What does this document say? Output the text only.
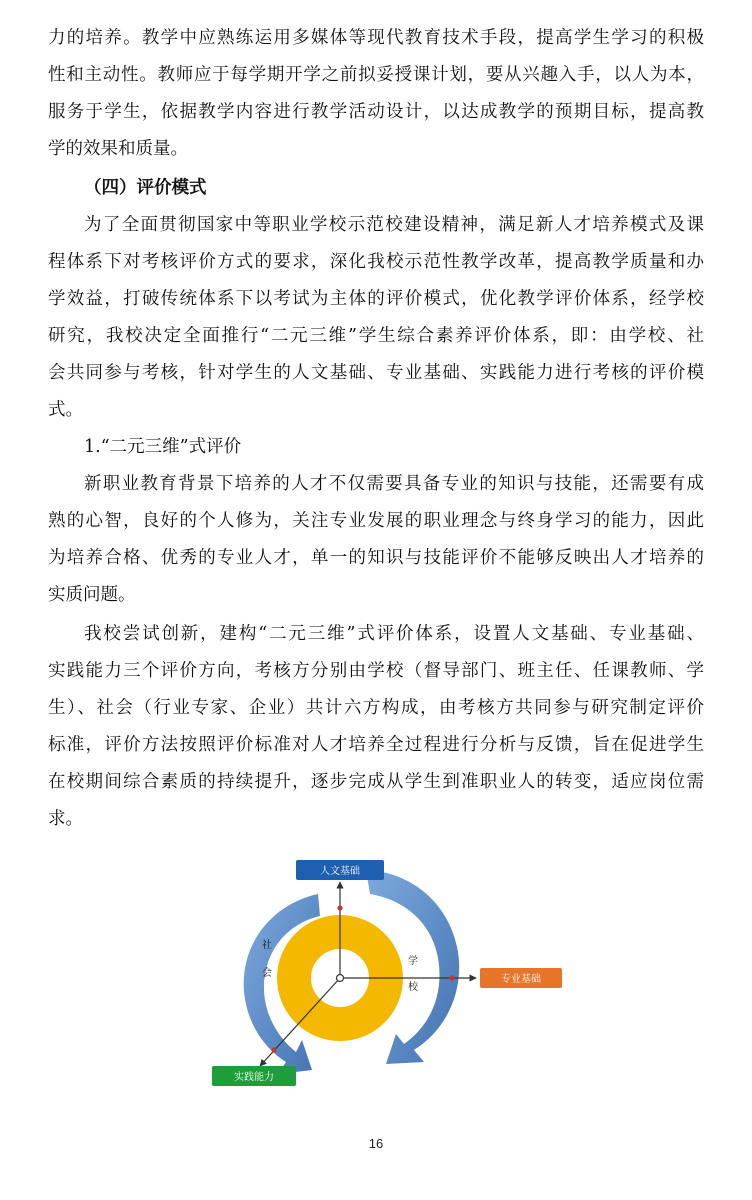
力的培养。教学中应熟练运用多媒体等现代教育技术手段，提高学生学习的积极
性和主动性。教师应于每学期开学之前拟妥授课计划，要从兴趣入手，以人为本，
服务于学生，依据教学内容进行教学活动设计，以达成教学的预期目标，提高教
学的效果和质量。
（四）评价模式
为了全面贯彻国家中等职业学校示范校建设精神，满足新人才培养模式及课
程体系下对考核评价方式的要求，深化我校示范性教学改革，提高教学质量和办
学效益，打破传统体系下以考试为主体的评价模式，优化教学评价体系，经学校
研究，我校决定全面推行“二元三维”学生综合素养评价体系，即：由学校、社
会共同参与考核，针对学生的人文基础、专业基础、实践能力进行考核的评价模
式。
1.“二元三维”式评价
新职业教育背景下培养的人才不仅需要具备专业的知识与技能，还需要有成
熟的心智，良好的个人修为，关注专业发展的职业理念与终身学习的能力，因此
为培养合格、优秀的专业人才，单一的知识与技能评价不能够反映出人才培养的
实质问题。
我校尝试创新，建构“二元三维”式评价体系，设置人文基础、专业基础、
实践能力三个评价方向，考核方分别由学校（督导部门、班主任、任课教师、学
生）、社会（行业专家、企业）共计六方构成，由考核方共同参与研究制定评价
标准，评价方法按照评价标准对人才培养全过程进行分析与反馈，旨在促进学生
在校期间综合素质的持续提升，逐步完成从学生到准职业人的转变，适应岗位需
求。
社
会
学
校
人文基础
专业基础
实践能力
16
